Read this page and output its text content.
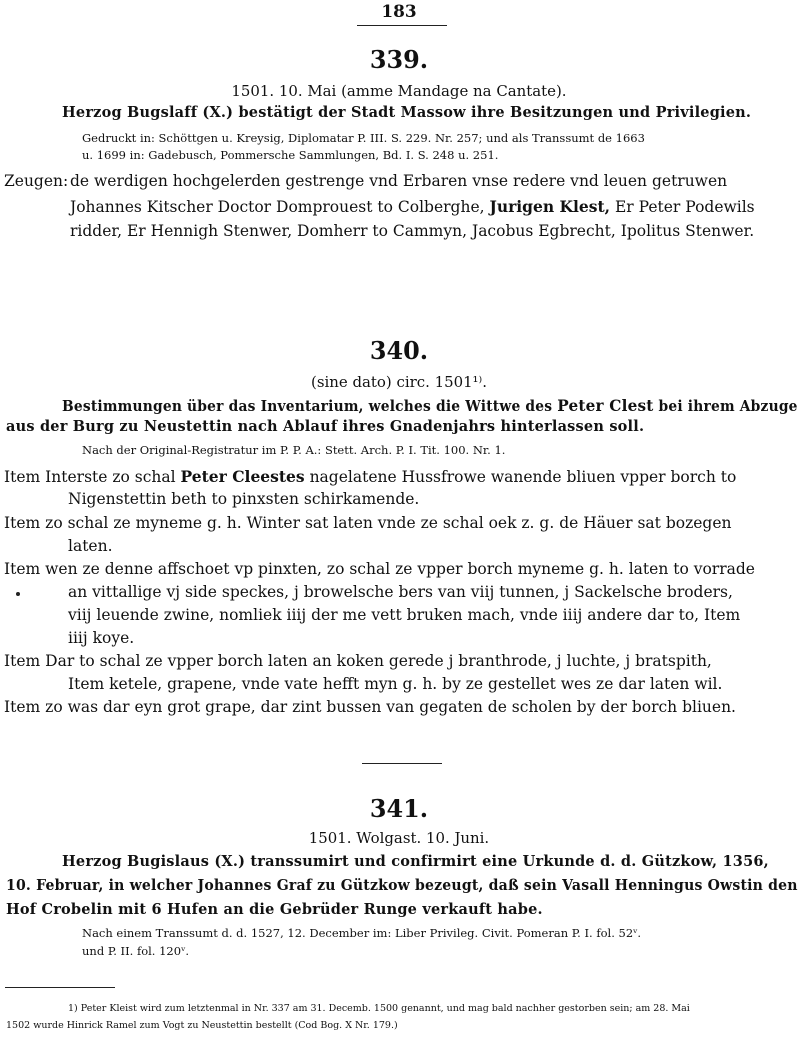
183
339.
1501. 10. Mai (amme Mandage na Cantate).
Herzog Bugslaff (X.) bestätigt der Stadt Massow ihre Besitzungen und Privilegien.
Gedruckt in: Schöttgen u. Kreysig, Diplomatar P. III. S. 229. Nr. 257; und als Transsumt de 1663
u. 1699 in: Gadebusch, Pommersche Sammlungen, Bd. I. S. 248 u. 251.
Zeugen: de werdigen hochgelerden gestrenge vnd Erbaren vnse redere vnd leuen getruwen
Johannes Kitscher Doctor Domprouest to Colberghe, Jurigen Klest, Er Peter Podewils
ridder, Er Hennigh Stenwer, Domherr to Cammyn, Jacobus Egbrecht, Ipolitus Stenwer.
340.
(sine dato) circ. 1501¹⁾.
Bestimmungen über das Inventarium, welches die Wittwe des Peter Clest bei ihrem Abzuge
aus der Burg zu Neustettin nach Ablauf ihres Gnadenjahrs hinterlassen soll.
Nach der Original-Registratur im P. P. A.: Stett. Arch. P. I. Tit. 100. Nr. 1.
Item Interste zo schal Peter Cleestes nagelatene Hussfrowe wanende bliuen vpper borch to
Nigenstettin beth to pinxsten schirkamende.
Item zo schal ze myneme g. h. Winter sat laten vnde ze schal oek z. g. de Häuer sat bozegen
laten.
Item wen ze denne affschoet vp pinxten, zo schal ze vpper borch myneme g. h. laten to vorrade
an vittallige vj side speckes, j browelsche bers van viij tunnen, j Sackelsche broders,
viij leuende zwine, nomliek iiij der me vett bruken mach, vnde iiij andere dar to, Item
iiij koye.
Item Dar to schal ze vpper borch laten an koken gerede j branthrode, j luchte, j bratspith,
Item ketele, grapene, vnde vate hefft myn g. h. by ze gestellet wes ze dar laten wil.
Item zo was dar eyn grot grape, dar zint bussen van gegaten de scholen by der borch bliuen.
341.
1501. Wolgast. 10. Juni.
Herzog Bugislaus (X.) transsumirt und confirmirt eine Urkunde d. d. Gützkow, 1356,
10. Februar, in welcher Johannes Graf zu Gützkow bezeugt, daß sein Vasall Henningus Owstin den
Hof Crobelin mit 6 Hufen an die Gebrüder Runge verkauft habe.
Nach einem Transsumt d. d. 1527, 12. December im: Liber Privileg. Civit. Pomeran P. I. fol. 52ᵛ.
und P. II. fol. 120ᵛ.
1) Peter Kleist wird zum letztenmal in Nr. 337 am 31. Decemb. 1500 genannt, und mag bald nachher gestorben sein; am 28. Mai
1502 wurde Hinrick Ramel zum Vogt zu Neustettin bestellt (Cod Bog. X Nr. 179.)
